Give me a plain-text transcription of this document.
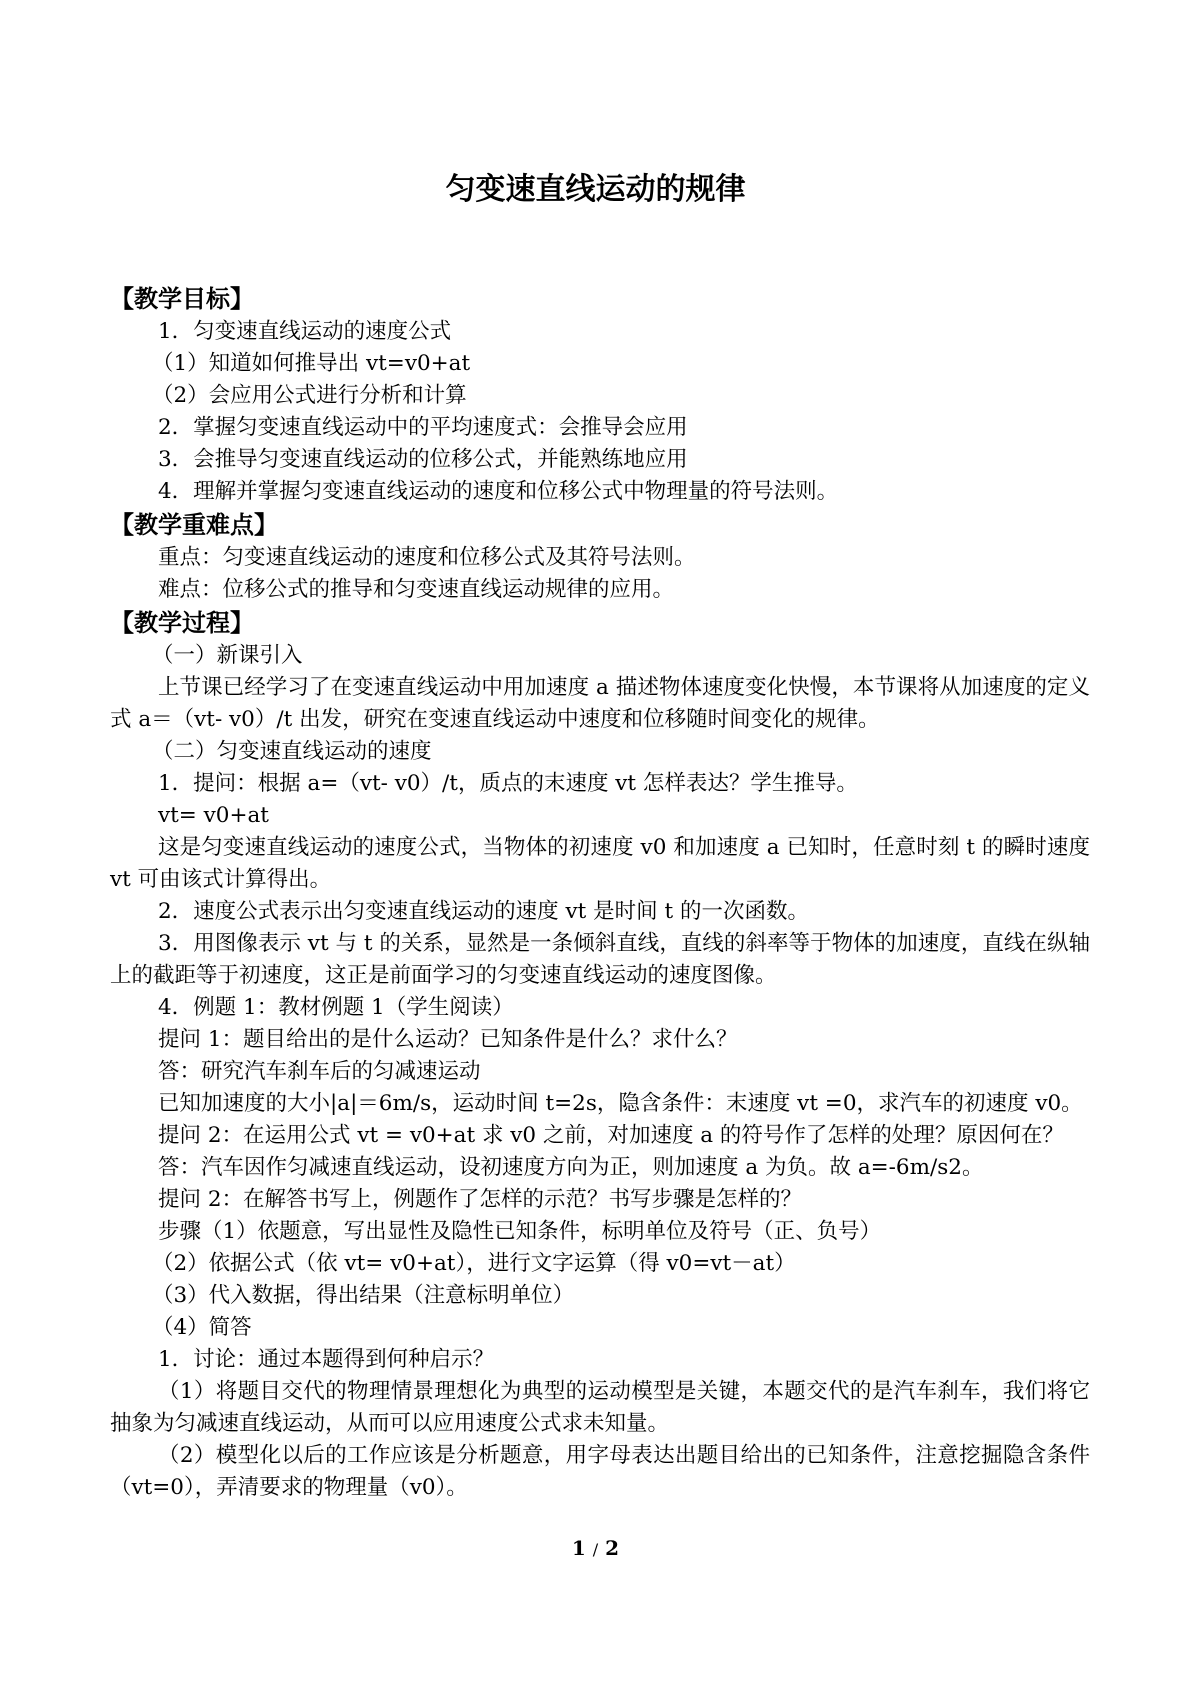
匀变速直线运动的规律

【教学目标】

1．匀变速直线运动的速度公式

（1）知道如何推导出 vt=v0+at

（2）会应用公式进行分析和计算

2．掌握匀变速直线运动中的平均速度式：会推导会应用

3．会推导匀变速直线运动的位移公式，并能熟练地应用

4．理解并掌握匀变速直线运动的速度和位移公式中物理量的符号法则。

【教学重难点】

重点：匀变速直线运动的速度和位移公式及其符号法则。

难点：位移公式的推导和匀变速直线运动规律的应用。

【教学过程】

（一）新课引入

上节课已经学习了在变速直线运动中用加速度 a 描述物体速度变化快慢，本节课将从加速度的定义式 a＝（vt- v0）/t 出发，研究在变速直线运动中速度和位移随时间变化的规律。

（二）匀变速直线运动的速度

1．提问：根据 a=（vt- v0）/t，质点的末速度 vt 怎样表达？学生推导。

vt= v0+at

这是匀变速直线运动的速度公式，当物体的初速度 v0 和加速度 a 已知时，任意时刻 t 的瞬时速度 vt 可由该式计算得出。

2．速度公式表示出匀变速直线运动的速度 vt 是时间 t 的一次函数。

3．用图像表示 vt 与 t 的关系，显然是一条倾斜直线，直线的斜率等于物体的加速度，直线在纵轴上的截距等于初速度，这正是前面学习的匀变速直线运动的速度图像。

4．例题 1：教材例题 1（学生阅读）

提问 1：题目给出的是什么运动？已知条件是什么？求什么？

答：研究汽车刹车后的匀减速运动

已知加速度的大小|a|＝6m/s，运动时间 t=2s，隐含条件：末速度 vt =0，求汽车的初速度 v0。

提问 2：在运用公式 vt = v0+at 求 v0 之前，对加速度 a 的符号作了怎样的处理？原因何在？

答：汽车因作匀减速直线运动，设初速度方向为正，则加速度 a 为负。故 a=-6m/s2。

提问 2：在解答书写上，例题作了怎样的示范？书写步骤是怎样的？

步骤（1）依题意，写出显性及隐性已知条件，标明单位及符号（正、负号）

（2）依据公式（依 vt= v0+at），进行文字运算（得 v0=vt－at）

（3）代入数据，得出结果（注意标明单位）

（4）简答

1．讨论：通过本题得到何种启示？

（1）将题目交代的物理情景理想化为典型的运动模型是关键，本题交代的是汽车刹车，我们将它抽象为匀减速直线运动，从而可以应用速度公式求未知量。

（2）模型化以后的工作应该是分析题意，用字母表达出题目给出的已知条件，注意挖掘隐含条件（vt=0），弄清要求的物理量（v0）。

1 / 2
